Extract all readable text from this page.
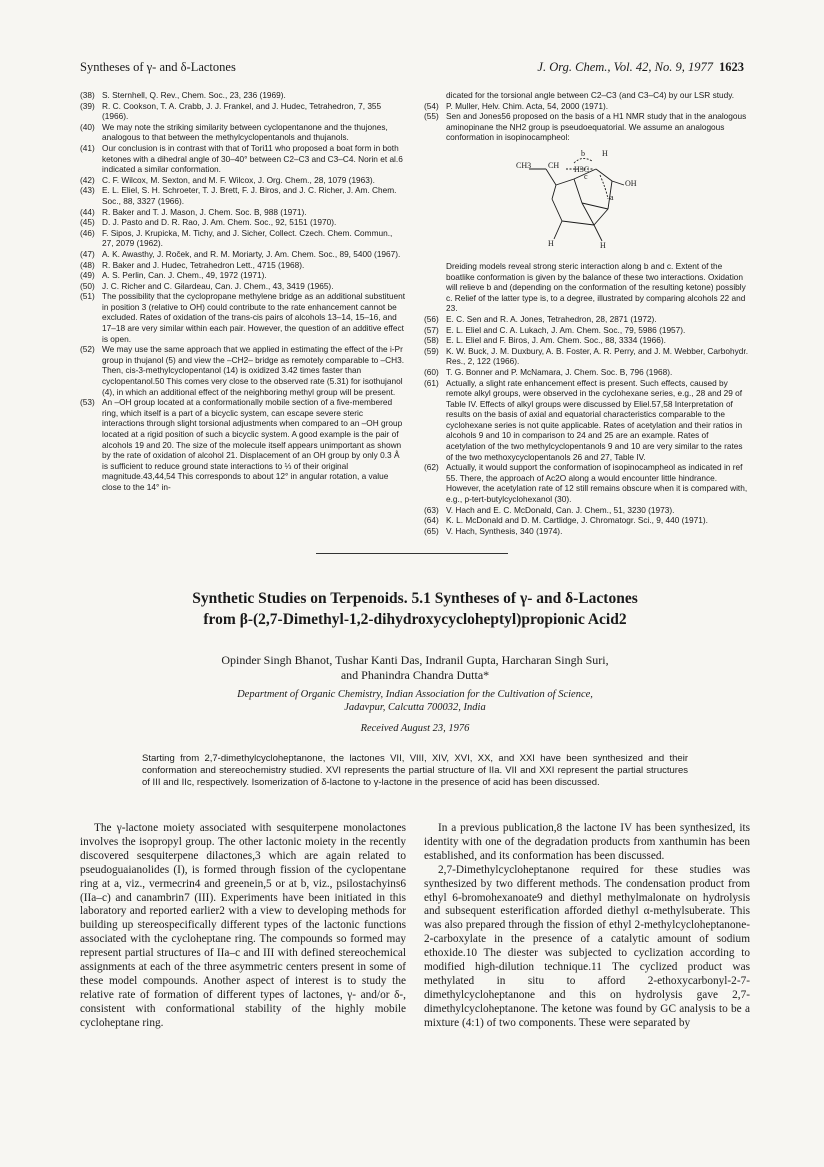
Syntheses of γ- and δ-Lactones	J. Org. Chem., Vol. 42, No. 9, 1977 1623
(38) S. Sternhell, Q. Rev., Chem. Soc., 23, 236 (1969).
(39) R. C. Cookson, T. A. Crabb, J. J. Frankel, and J. Hudec, Tetrahedron, 7, 355 (1966).
(40) We may note the striking similarity between cyclopentanone and the thujones, analogous to that between the methylcyclopentanols and thujanols.
(41) Our conclusion is in contrast with that of Tori11 who proposed a boat form in both ketones with a dihedral angle of 30–40° between C2–C3 and C3–C4. Norin et al.6 indicated a similar conformation.
(42) C. F. Wilcox, M. Sexton, and M. F. Wilcox, J. Org. Chem., 28, 1079 (1963).
(43) E. L. Eliel, S. H. Schroeter, T. J. Brett, F. J. Biros, and J. C. Richer, J. Am. Chem. Soc., 88, 3327 (1966).
(44) R. Baker and T. J. Mason, J. Chem. Soc. B, 988 (1971).
(45) D. J. Pasto and D. R. Rao, J. Am. Chem. Soc., 92, 5151 (1970).
(46) F. Sipos, J. Krupicka, M. Tichy, and J. Sicher, Collect. Czech. Chem. Commun., 27, 2079 (1962).
(47) A. K. Awasthy, J. Roček, and R. M. Moriarty, J. Am. Chem. Soc., 89, 5400 (1967).
(48) R. Baker and J. Hudec, Tetrahedron Lett., 4715 (1968).
(49) A. S. Perlin, Can. J. Chem., 49, 1972 (1971).
(50) J. C. Richer and C. Gilardeau, Can. J. Chem., 43, 3419 (1965).
(51) The possibility that the cyclopropane methylene bridge as an additional substituent in position 3 (relative to OH) could contribute to the rate enhancement cannot be excluded. Rates of oxidation of the trans-cis pairs of alcohols 13–14, 15–16, and 17–18 are very similar within each pair. However, the question of an additive effect is open.
(52) We may use the same approach that we applied in estimating the effect of the i-Pr group in thujanol (5) and view the –CH2– bridge as remotely comparable to –CH3. Then, cis-3-methylcyclopentanol (14) is oxidized 3.42 times faster than cyclopentanol.50 This comes very close to the observed rate (5.31) for isothujanol (4), in which an additional effect of the neighboring methyl group will be present.
(53) An –OH group located at a conformationally mobile section of a five-membered ring, which itself is a part of a bicyclic system, can escape severe steric interactions through slight torsional adjustments when compared to an –OH group located at a rigid position of such a bicyclic system. A good example is the pair of alcohols 19 and 20. The size of the molecule itself appears unimportant as shown by the rate of oxidation of alcohol 21. Displacement of an OH group by only 0.3 Å is sufficient to reduce ground state interactions to ⅓ of their original magnitude.43,44,54 This corresponds to about 12° in angular rotation, a value close to the 14° in-
dicated for the torsional angle between C2–C3 (and C3–C4) by our LSR study.
(54) P. Muller, Helv. Chim. Acta, 54, 2000 (1971).
(55) Sen and Jones56 proposed on the basis of a H1 NMR study that in the analogous aminopinane the NH2 group is pseudoequatorial. We assume an analogous conformation in isopinocampheol:
CH3 CH H3C
H
OH
H	H
b
c
a
Dreiding models reveal strong steric interaction along b and c. Extent of the boatlike conformation is given by the balance of these two interactions. Oxidation will relieve b and (depending on the conformation of the resulting ketone) possibly c. Relief of the latter type is, to a degree, illustrated by comparing alcohols 22 and 23.
(56) E. C. Sen and R. A. Jones, Tetrahedron, 28, 2871 (1972).
(57) E. L. Eliel and C. A. Lukach, J. Am. Chem. Soc., 79, 5986 (1957).
(58) E. L. Eliel and F. Biros, J. Am. Chem. Soc., 88, 3334 (1966).
(59) K. W. Buck, J. M. Duxbury, A. B. Foster, A. R. Perry, and J. M. Webber, Carbohydr. Res., 2, 122 (1966).
(60) T. G. Bonner and P. McNamara, J. Chem. Soc. B, 796 (1968).
(61) Actually, a slight rate enhancement effect is present. Such effects, caused by remote alkyl groups, were observed in the cyclohexane series, e.g., 28 and 29 of Table IV. Effects of alkyl groups were discussed by Eliel.57,58 Interpretation of results on the basis of axial and equatorial characteristics comparable to the cyclohexane series is not quite applicable. Rates of acetylation and their ratios in alcohols 9 and 10 in comparison to 24 and 25 are an example. Rates of acetylation of the two methylcyclopentanols 9 and 10 are very similar to the rates of the two methoxycyclopentanols 26 and 27, Table IV.
(62) Actually, it would support the conformation of isopinocampheol as indicated in ref 55. There, the approach of Ac2O along a would encounter little hindrance. However, the acetylation rate of 12 still remains obscure when it is compared with, e.g., p-tert-butylcyclohexanol (30).
(63) V. Hach and E. C. McDonald, Can. J. Chem., 51, 3230 (1973).
(64) K. L. McDonald and D. M. Cartlidge, J. Chromatogr. Sci., 9, 440 (1971).
(65) V. Hach, Synthesis, 340 (1974).
Synthetic Studies on Terpenoids. 5.1 Syntheses of γ- and δ-Lactones
from β-(2,7-Dimethyl-1,2-dihydroxycycloheptyl)propionic Acid2
Opinder Singh Bhanot, Tushar Kanti Das, Indranil Gupta, Harcharan Singh Suri,
and Phanindra Chandra Dutta*
Department of Organic Chemistry, Indian Association for the Cultivation of Science,
Jadavpur, Calcutta 700032, India
Received August 23, 1976
Starting from 2,7-dimethylcycloheptanone, the lactones VII, VIII, XIV, XVI, XX, and XXI have been synthesized and their conformation and stereochemistry studied. XVI represents the partial structure of IIa. VII and XXI represent the partial structures of III and IIc, respectively. Isomerization of δ-lactone to γ-lactone in the presence of acid has been discussed.

The γ-lactone moiety associated with sesquiterpene monolactones involves the isopropyl group. The other lactonic moiety in the recently discovered sesquiterpene dilactones,3 which are again related to pseudoguaianolides (I), is formed through fission of the cyclopentane ring at a, viz., vermecrin4 and greenein,5 or at b, viz., psilostachyins6 (IIa–c) and canambrin7 (III). Experiments have been initiated in this laboratory and reported earlier2 with a view to developing methods for building up stereospecifically different types of the lactonic functions associated with the cycloheptane ring. The compounds so formed may represent partial structures of IIa–c and III with defined stereochemical assignments at each of the three asymmetric centers present in some of these model compounds. Another aspect of interest is to study the relative rate of formation of different types of lactones, γ- and/or δ-, consistent with conformational stability of the highly mobile cycloheptane ring.

In a previous publication,8 the lactone IV has been synthesized, its identity with one of the degradation products from xanthumin has been established, and its conformation has been discussed.

2,7-Dimethylcycloheptanone required for these studies was synthesized by two different methods. The condensation product from ethyl 6-bromohexanoate9 and diethyl methylmalonate on hydrolysis and subsequent esterification afforded diethyl α-methylsuberate. This was also prepared through the fission of ethyl 2-methylcycloheptanone-2-carboxylate in the presence of a catalytic amount of sodium ethoxide.10 The diester was subjected to cyclization according to modified high-dilution technique.11 The cyclized product was methylated in situ to afford 2-ethoxycarbonyl-2-7-dimethylcycloheptanone and this on hydrolysis gave 2,7-dimethylcycloheptanone. The ketone was found by GC analysis to be a mixture (4:1) of two components. These were separated by
